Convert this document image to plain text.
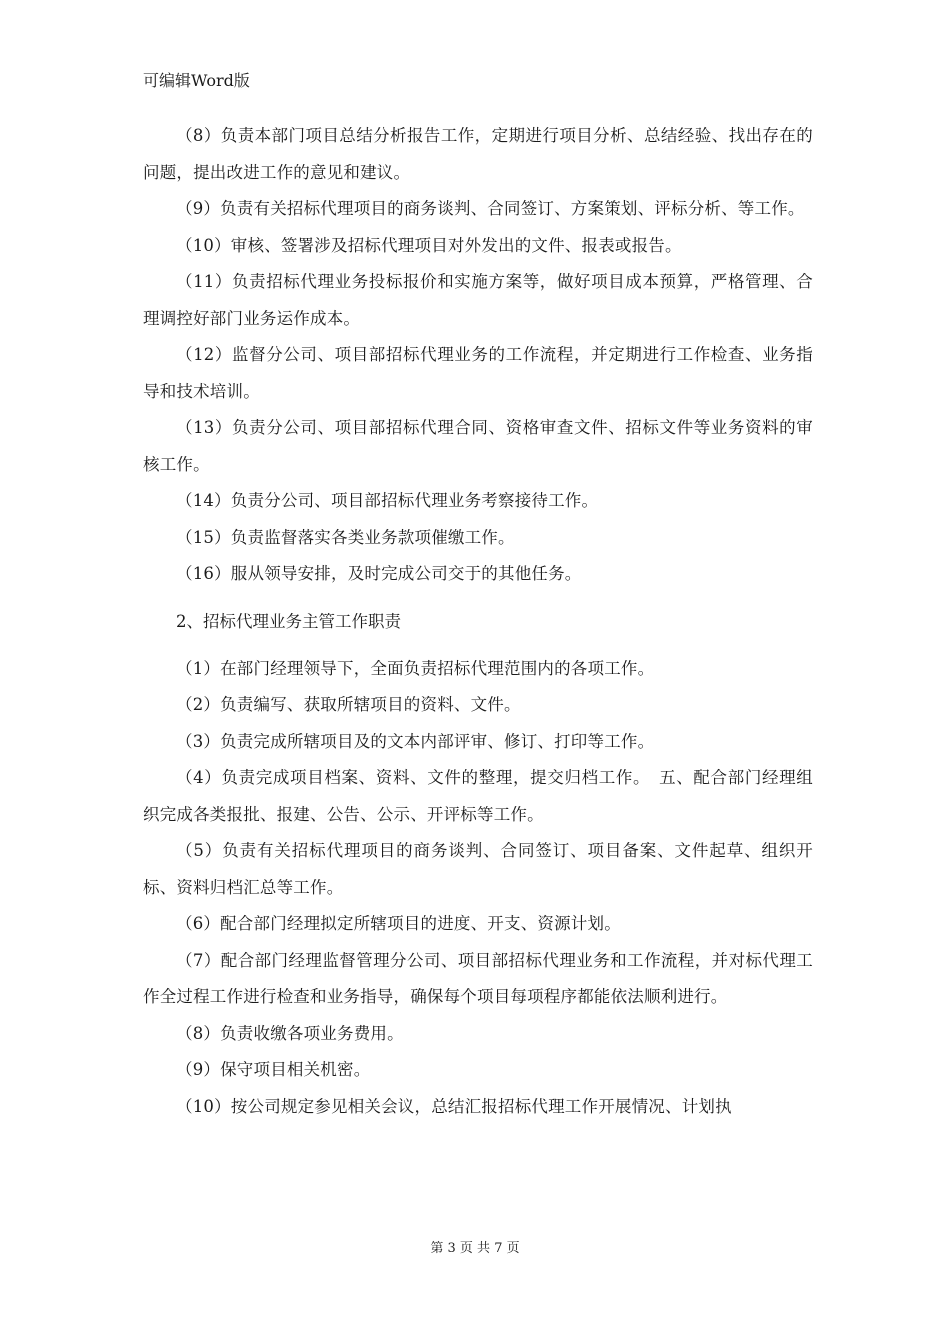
可编辑Word版

（8）负责本部门项目总结分析报告工作，定期进行项目分析、总结经验、找出存在的问题，提出改进工作的意见和建议。

（9）负责有关招标代理项目的商务谈判、合同签订、方案策划、评标分析、等工作。

（10）审核、签署涉及招标代理项目对外发出的文件、报表或报告。

（11）负责招标代理业务投标报价和实施方案等，做好项目成本预算，严格管理、合理调控好部门业务运作成本。

（12）监督分公司、项目部招标代理业务的工作流程，并定期进行工作检查、业务指导和技术培训。

（13）负责分公司、项目部招标代理合同、资格审查文件、招标文件等业务资料的审核工作。

（14）负责分公司、项目部招标代理业务考察接待工作。

（15）负责监督落实各类业务款项催缴工作。

（16）服从领导安排，及时完成公司交于的其他任务。

2、招标代理业务主管工作职责

（1）在部门经理领导下，全面负责招标代理范围内的各项工作。

（2）负责编写、获取所辖项目的资料、文件。

（3）负责完成所辖项目及的文本内部评审、修订、打印等工作。

（4）负责完成项目档案、资料、文件的整理，提交归档工作。　五、配合部门经理组织完成各类报批、报建、公告、公示、开评标等工作。

（5）负责有关招标代理项目的商务谈判、合同签订、项目备案、文件起草、组织开标、资料归档汇总等工作。

（6）配合部门经理拟定所辖项目的进度、开支、资源计划。

（7）配合部门经理监督管理分公司、项目部招标代理业务和工作流程，并对标代理工作全过程工作进行检查和业务指导，确保每个项目每项程序都能依法顺利进行。

（8）负责收缴各项业务费用。

（9）保守项目相关机密。

（10）按公司规定参见相关会议，总结汇报招标代理工作开展情况、计划执

第 3 页 共 7 页
